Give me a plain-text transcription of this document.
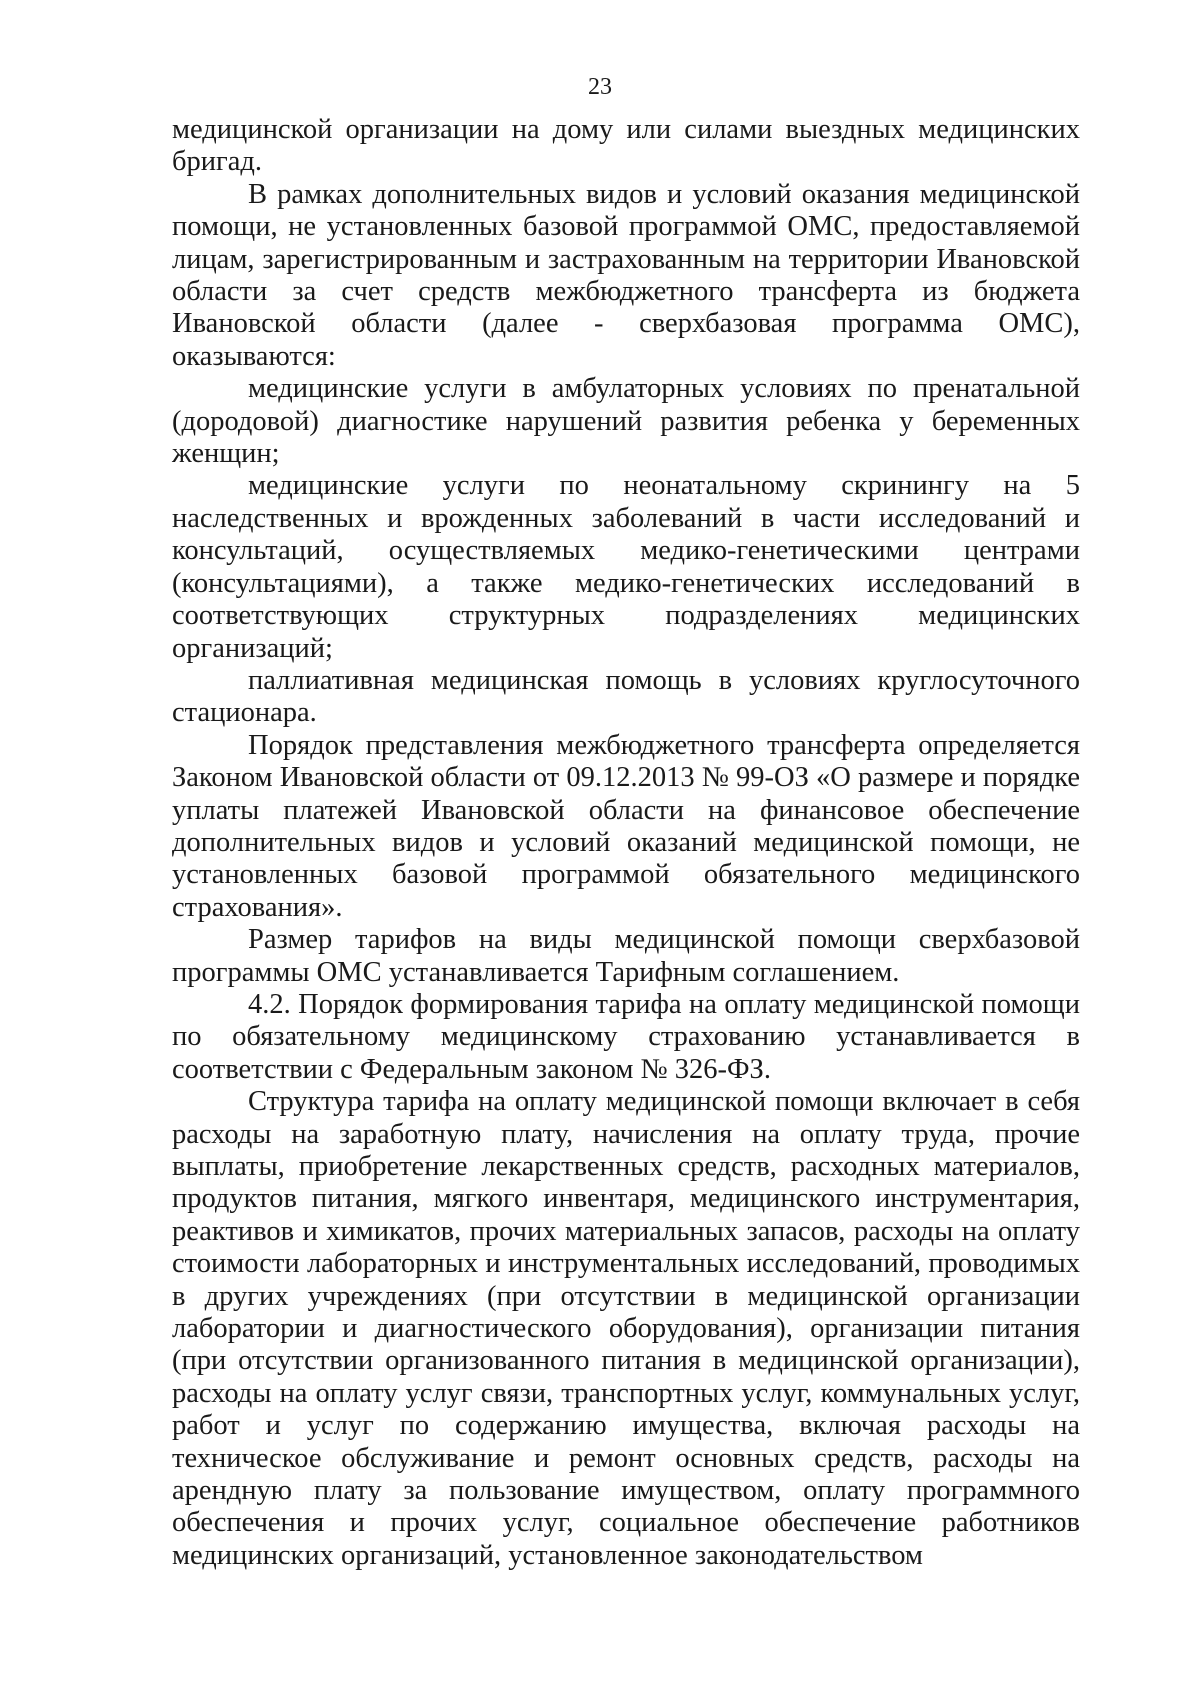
23

медицинской организации на дому или силами выездных медицинских бригад.

В рамках дополнительных видов и условий оказания медицинской помощи, не установленных базовой программой ОМС, предоставляемой лицам, зарегистрированным и застрахованным на территории Ивановской области за счет средств межбюджетного трансферта из бюджета Ивановской области (далее - сверхбазовая программа ОМС), оказываются:

медицинские услуги в амбулаторных условиях по пренатальной (дородовой) диагностике нарушений развития ребенка у беременных женщин;

медицинские услуги по неонатальному скринингу на 5 наследственных и врожденных заболеваний в части исследований и консультаций, осуществляемых медико-генетическими центрами (консультациями), а также медико-генетических исследований в соответствующих структурных подразделениях медицинских организаций;

паллиативная медицинская помощь в условиях круглосуточного стационара.

Порядок представления межбюджетного трансферта определяется Законом Ивановской области от 09.12.2013 № 99-ОЗ «О размере и порядке уплаты платежей Ивановской области на финансовое обеспечение дополнительных видов и условий оказаний медицинской помощи, не установленных базовой программой обязательного медицинского страхования».

Размер тарифов на виды медицинской помощи сверхбазовой программы ОМС устанавливается Тарифным соглашением.

4.2. Порядок формирования тарифа на оплату медицинской помощи по обязательному медицинскому страхованию устанавливается в соответствии с Федеральным законом № 326-ФЗ.

Структура тарифа на оплату медицинской помощи включает в себя расходы на заработную плату, начисления на оплату труда, прочие выплаты, приобретение лекарственных средств, расходных материалов, продуктов питания, мягкого инвентаря, медицинского инструментария, реактивов и химикатов, прочих материальных запасов, расходы на оплату стоимости лабораторных и инструментальных исследований, проводимых в других учреждениях (при отсутствии в медицинской организации лаборатории и диагностического оборудования), организации питания (при отсутствии организованного питания в медицинской организации), расходы на оплату услуг связи, транспортных услуг, коммунальных услуг, работ и услуг по содержанию имущества, включая расходы на техническое обслуживание и ремонт основных средств, расходы на арендную плату за пользование имуществом, оплату программного обеспечения и прочих услуг, социальное обеспечение работников медицинских организаций, установленное законодательством
